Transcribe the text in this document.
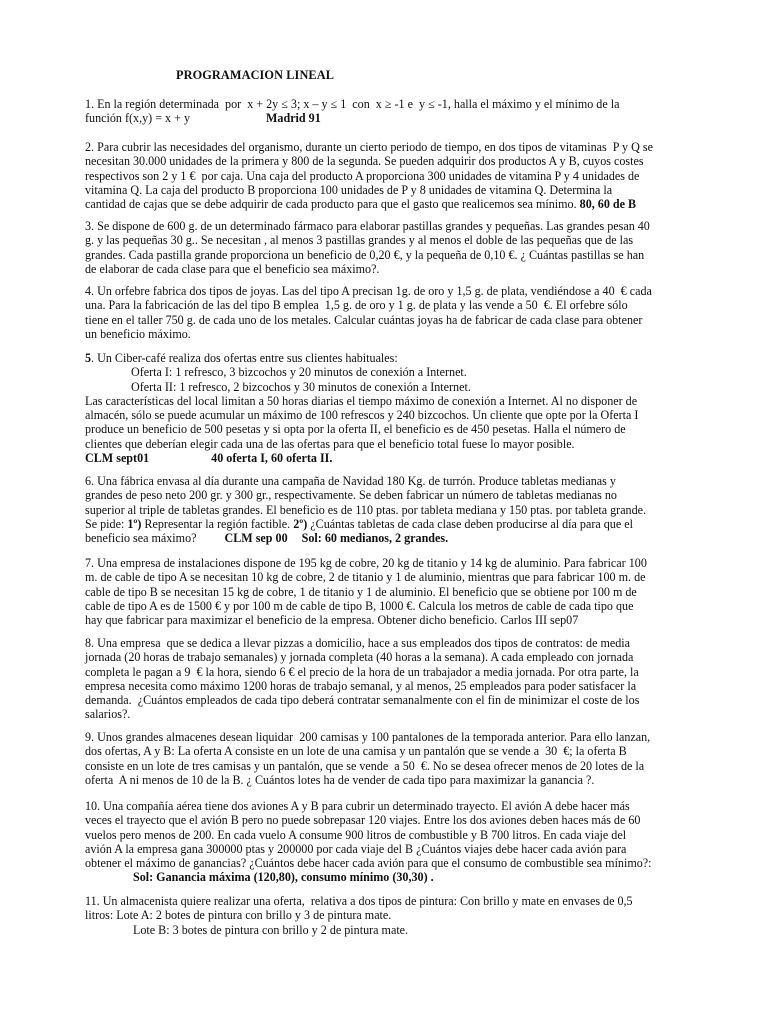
PROGRAMACION LINEAL

1. En la región determinada  por  x + 2y ≤ 3; x – y ≤ 1  con  x ≥ -1 e  y ≤ -1, halla el máximo y el mínimo de la

función f(x,y) = x + y	Madrid 91

2. Para cubrir las necesidades del organismo, durante un cierto periodo de tiempo, en dos tipos de vitaminas  P y Q se

necesitan 30.000 unidades de la primera y 800 de la segunda. Se pueden adquirir dos productos A y B, cuyos costes

respectivos son 2 y 1 €  por caja. Una caja del producto A proporciona 300 unidades de vitamina P y 4 unidades de

vitamina Q. La caja del producto B proporciona 100 unidades de P y 8 unidades de vitamina Q. Determina la

cantidad de cajas que se debe adquirir de cada producto para que el gasto que realicemos sea mínimo. 80, 60 de B

3. Se dispone de 600 g. de un determinado fármaco para elaborar pastillas grandes y pequeñas. Las grandes pesan 40

g. y las pequeñas 30 g.. Se necesitan , al menos 3 pastillas grandes y al menos el doble de las pequeñas que de las

grandes. Cada pastilla grande proporciona un beneficio de 0,20 €, y la pequeña de 0,10 €. ¿ Cuántas pastillas se han

de elaborar de cada clase para que el beneficio sea máximo?.

4. Un orfebre fabrica dos tipos de joyas. Las del tipo A precisan 1g. de oro y 1,5 g. de plata, vendiéndose a 40  € cada

una. Para la fabricación de las del tipo B emplea  1,5 g. de oro y 1 g. de plata y las vende a 50  €. El orfebre sólo

tiene en el taller 750 g. de cada uno de los metales. Calcular cuántas joyas ha de fabricar de cada clase para obtener

un beneficio máximo.

5. Un Ciber-café realiza dos ofertas entre sus clientes habituales:

Oferta I: 1 refresco, 3 bizcochos y 20 minutos de conexión a Internet.

Oferta II: 1 refresco, 2 bizcochos y 30 minutos de conexión a Internet.

Las características del local limitan a 50 horas diarias el tiempo máximo de conexión a Internet. Al no disponer de

almacén, sólo se puede acumular un máximo de 100 refrescos y 240 bizcochos. Un cliente que opte por la Oferta I

produce un beneficio de 500 pesetas y si opta por la oferta II, el beneficio es de 450 pesetas. Halla el número de

clientes que deberían elegir cada una de las ofertas para que el beneficio total fuese lo mayor posible.

CLM sept01	40 oferta I, 60 oferta II.

6. Una fábrica envasa al día durante una campaña de Navidad 180 Kg. de turrón. Produce tabletas medianas y

grandes de peso neto 200 gr. y 300 gr., respectivamente. Se deben fabricar un número de tabletas medianas no

superior al triple de tabletas grandes. El beneficio es de 110 ptas. por tableta mediana y 150 ptas. por tableta grande.

Se pide: 1º) Representar la región factible. 2º) ¿Cuántas tabletas de cada clase deben producirse al día para que el

beneficio sea máximo? CLM sep 00 Sol: 60 medianos, 2 grandes.

7. Una empresa de instalaciones dispone de 195 kg de cobre, 20 kg de titanio y 14 kg de aluminio. Para fabricar 100

m. de cable de tipo A se necesitan 10 kg de cobre, 2 de titanio y 1 de aluminio, mientras que para fabricar 100 m. de

cable de tipo B se necesitan 15 kg de cobre, 1 de titanio y 1 de aluminio. El beneficio que se obtiene por 100 m de

cable de tipo A es de 1500 € y por 100 m de cable de tipo B, 1000 €. Calcula los metros de cable de cada tipo que

hay que fabricar para maximizar el beneficio de la empresa. Obtener dicho beneficio. Carlos III sep07

8. Una empresa  que se dedica a llevar pizzas a domicilio, hace a sus empleados dos tipos de contratos: de media

jornada (20 horas de trabajo semanales) y jornada completa (40 horas a la semana). A cada empleado con jornada

completa le pagan a 9  € la hora, siendo 6 € el precio de la hora de un trabajador a media jornada. Por otra parte, la

empresa necesita como máximo 1200 horas de trabajo semanal, y al menos, 25 empleados para poder satisfacer la

demanda.  ¿Cuántos empleados de cada tipo deberá contratar semanalmente con el fin de minimizar el coste de los

salarios?.

9. Unos grandes almacenes desean liquidar  200 camisas y 100 pantalones de la temporada anterior. Para ello lanzan,

dos ofertas, A y B: La oferta A consiste en un lote de una camisa y un pantalón que se vende a  30  €; la oferta B

consiste en un lote de tres camisas y un pantalón, que se vende  a 50  €. No se desea ofrecer menos de 20 lotes de la

oferta  A ni menos de 10 de la B. ¿ Cuántos lotes ha de vender de cada tipo para maximizar la ganancia ?.

10. Una compañía aérea tiene dos aviones A y B para cubrir un determinado trayecto. El avión A debe hacer más

veces el trayecto que el avión B pero no puede sobrepasar 120 viajes. Entre los dos aviones deben haces más de 60

vuelos pero menos de 200. En cada vuelo A consume 900 litros de combustible y B 700 litros. En cada viaje del

avión A la empresa gana 300000 ptas y 200000 por cada viaje del B ¿Cuántos viajes debe hacer cada avión para

obtener el máximo de ganancias? ¿Cuántos debe hacer cada avión para que el consumo de combustible sea mínimo?:

Sol: Ganancia máxima (120,80), consumo mínimo (30,30) .

11. Un almacenista quiere realizar una oferta,  relativa a dos tipos de pintura: Con brillo y mate en envases de 0,5

litros: Lote A: 2 botes de pintura con brillo y 3 de pintura mate.

Lote B: 3 botes de pintura con brillo y 2 de pintura mate.
